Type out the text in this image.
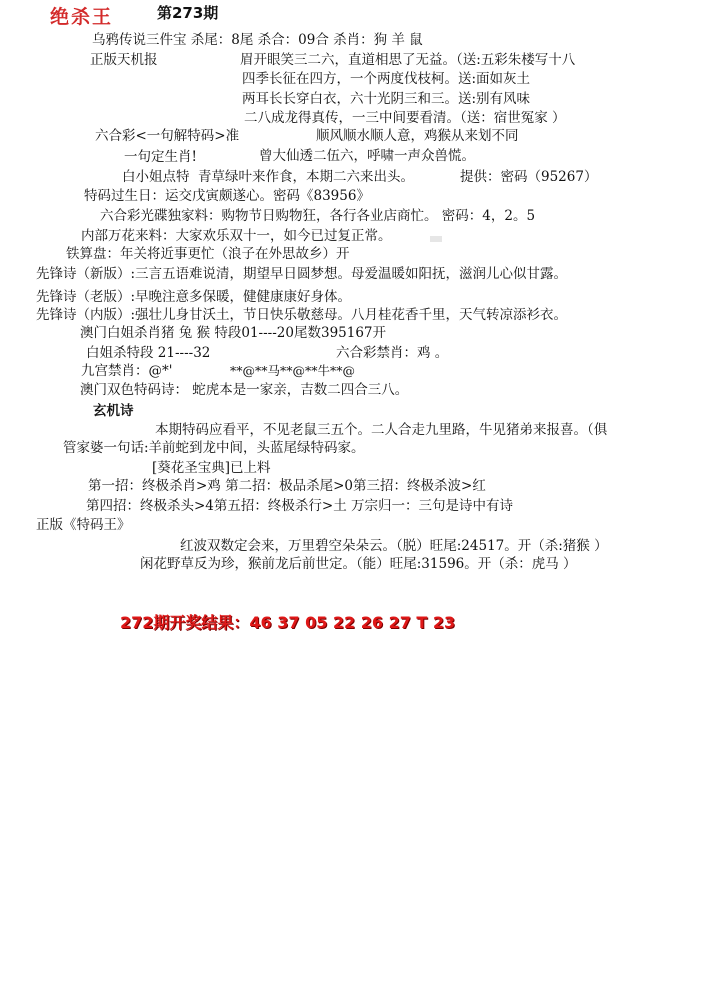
绝杀王	第273期
乌鸦传说三件宝 杀尾：8尾 杀合：09合 杀肖：狗 羊 鼠
正版天机报	眉开眼笑三二六，直道相思了无益。（送:五彩朱楼写十八
四季长征在四方，一个两度伐枝柯。送:面如灰土
两耳长长穿白衣，六十光阴三和三。送:别有风味
二八成龙得真传，一三中间要看清。（送：宿世冤家 ）
六合彩<一句解特码>准	顺风顺水顺人意，鸡猴从来划不同
一句定生肖!	曾大仙透二伍六，呼啸一声众兽慌。
白小姐点特 青草绿叶来作食，本期二六来出头。	提供：密码（95267）
特码过生日：运交戊寅颇遂心。密码《83956》
六合彩光碟独家料：购物节日购物狂，各行各业店商忙。 密码：4，2。5
内部万花来料：大家欢乐双十一，如今已过复正常。
铁算盘：年关将近事更忙（浪子在外思故乡）开
先锋诗（新版）:三言五语难说清，期望早日圆梦想。母爱温暖如阳抚，滋润儿心似甘露。
先锋诗（老版）:早晚注意多保暖，健健康康好身体。
先锋诗（内版）:强壮儿身甘沃土，节日快乐敬慈母。八月桂花香千里，天气转凉添衫衣。
澳门白姐杀肖猪 兔 猴 特段01----20尾数395167开
白姐杀特段 21----32	六合彩禁肖：鸡 。
九宫禁肖：@*'	**@**马**@**牛**@
澳门双色特码诗： 蛇虎本是一家亲，吉数二四合三八。
玄机诗
本期特码应看平，不见老鼠三五个。二人合走九里路，牛见猪弟来报喜。（俱
管家婆一句话:羊前蛇到龙中间，头蓝尾绿特码家。
[葵花圣宝典]已上料
第一招：终极杀肖>鸡 第二招：极品杀尾>0第三招：终极杀波>红
第四招：终极杀头>4第五招：终极杀行>土 万宗归一：三句是诗中有诗
正版《特码王》
红波双数定会来，万里碧空朵朵云。（脱）旺尾:24517。开（杀:猪猴 ）
闲花野草反为珍，猴前龙后前世定。（能）旺尾:31596。开（杀：虎马 ）
272期开奖结果：46 37 05 22 26 27 T 23
